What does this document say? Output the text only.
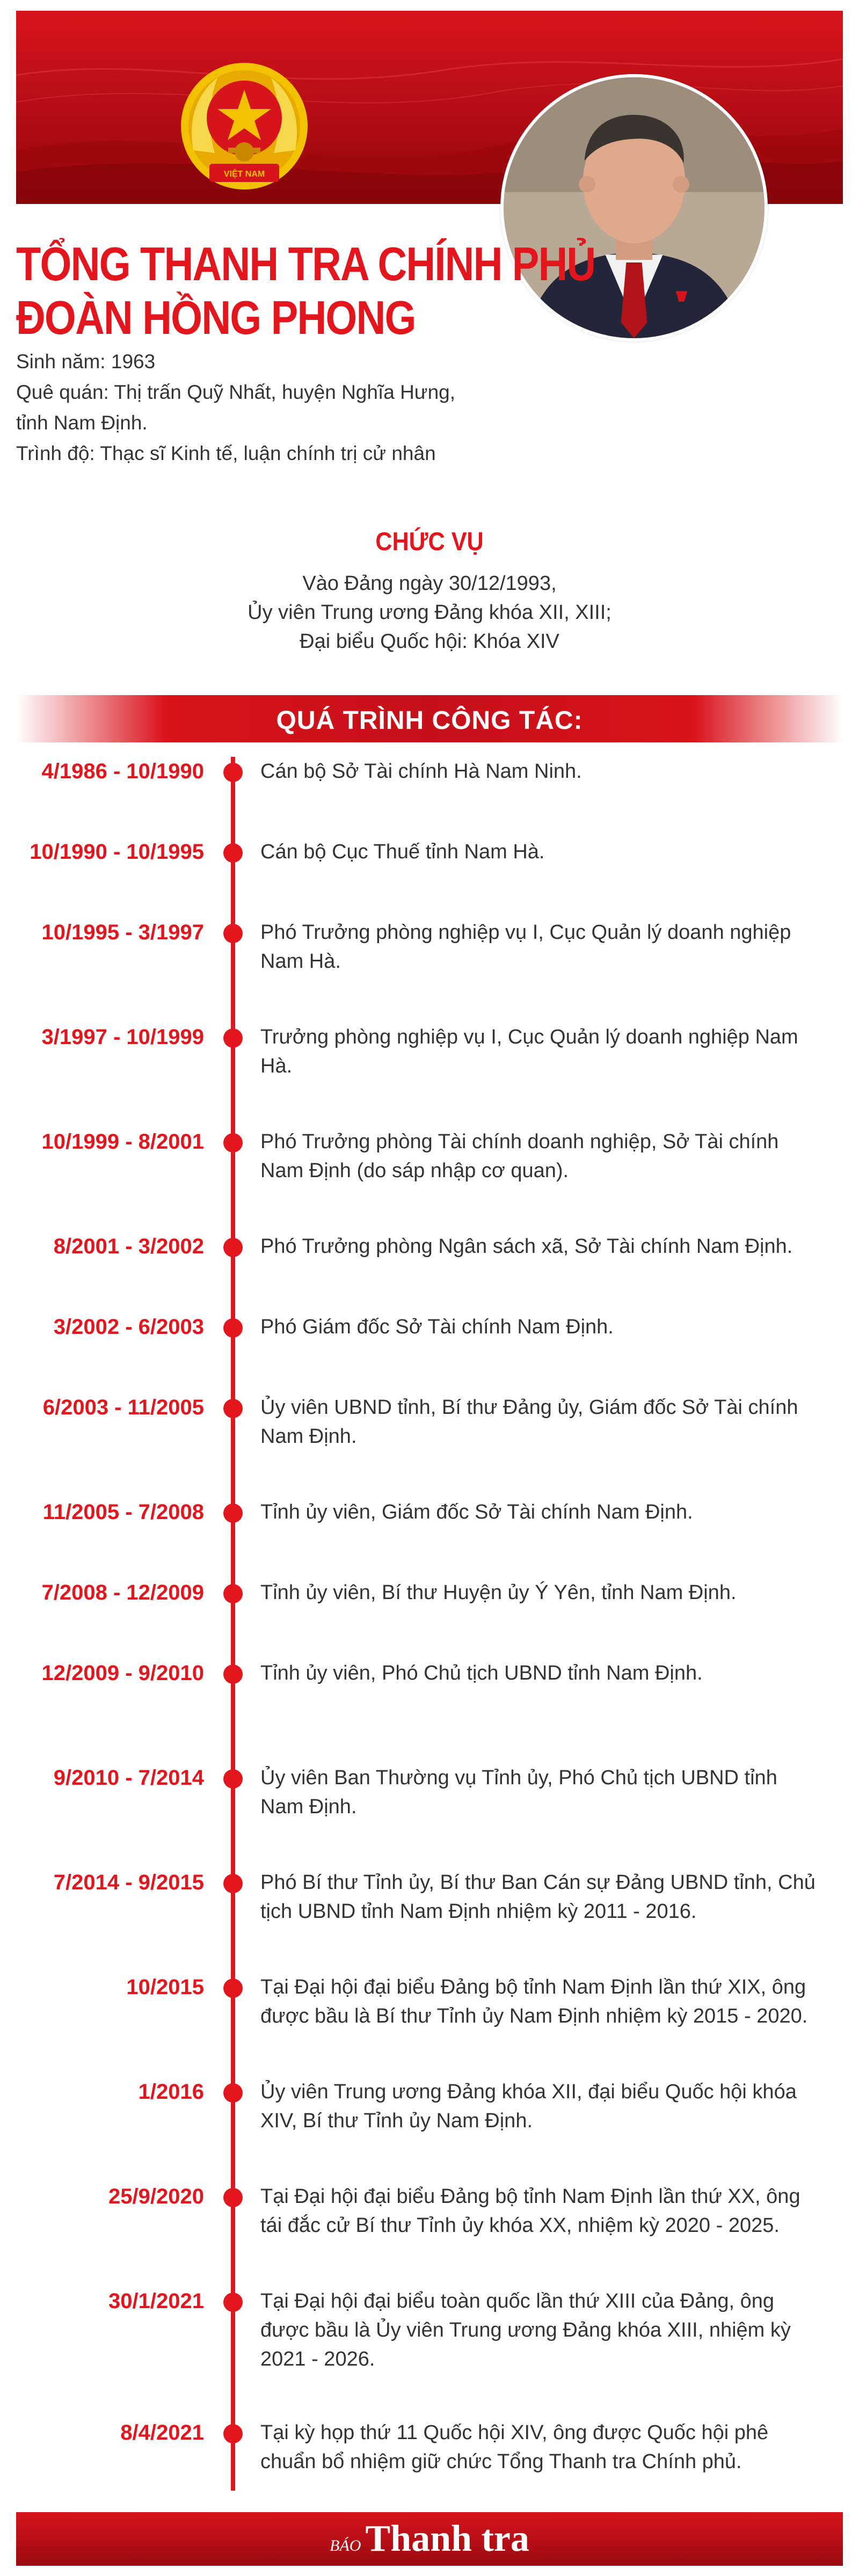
VIỆT NAM
TỔNG THANH TRA CHÍNH PHỦ
ĐOÀN HỒNG PHONG
Sinh năm: 1963
Quê quán: Thị trấn Quỹ Nhất, huyện Nghĩa Hưng,
tỉnh Nam Định.
Trình độ: Thạc sĩ Kinh tế, luận chính trị cử nhân
CHỨC VỤ
Vào Đảng ngày 30/12/1993,
Ủy viên Trung ương Đảng khóa XII, XIII;
Đại biểu Quốc hội: Khóa XIV
QUÁ TRÌNH CÔNG TÁC:
4/1986 - 10/1990	Cán bộ Sở Tài chính Hà Nam Ninh.
10/1990 - 10/1995	Cán bộ Cục Thuế tỉnh Nam Hà.
10/1995 - 3/1997	Phó Trưởng phòng nghiệp vụ I, Cục Quản lý doanh nghiệp
Nam Hà.
3/1997 - 10/1999	Trưởng phòng nghiệp vụ I, Cục Quản lý doanh nghiệp Nam
Hà.
10/1999 - 8/2001	Phó Trưởng phòng Tài chính doanh nghiệp, Sở Tài chính
Nam Định (do sáp nhập cơ quan).
8/2001 - 3/2002	Phó Trưởng phòng Ngân sách xã, Sở Tài chính Nam Định.
3/2002 - 6/2003	Phó Giám đốc Sở Tài chính Nam Định.
6/2003 - 11/2005	Ủy viên UBND tỉnh, Bí thư Đảng ủy, Giám đốc Sở Tài chính
Nam Định.
11/2005 - 7/2008	Tỉnh ủy viên, Giám đốc Sở Tài chính Nam Định.
7/2008 - 12/2009	Tỉnh ủy viên, Bí thư Huyện ủy Ý Yên, tỉnh Nam Định.
12/2009 - 9/2010	Tỉnh ủy viên, Phó Chủ tịch UBND tỉnh Nam Định.
9/2010 - 7/2014	Ủy viên Ban Thường vụ Tỉnh ủy, Phó Chủ tịch UBND tỉnh
Nam Định.
7/2014 - 9/2015	Phó Bí thư Tỉnh ủy, Bí thư Ban Cán sự Đảng UBND tỉnh, Chủ
tịch UBND tỉnh Nam Định nhiệm kỳ 2011 - 2016.
10/2015	Tại Đại hội đại biểu Đảng bộ tỉnh Nam Định lần thứ XIX, ông
được bầu là Bí thư Tỉnh ủy Nam Định nhiệm kỳ 2015 - 2020.
1/2016	Ủy viên Trung ương Đảng khóa XII, đại biểu Quốc hội khóa
XIV, Bí thư Tỉnh ủy Nam Định.
25/9/2020	Tại Đại hội đại biểu Đảng bộ tỉnh Nam Định lần thứ XX, ông
tái đắc cử Bí thư Tỉnh ủy khóa XX, nhiệm kỳ 2020 - 2025.
30/1/2021	Tại Đại hội đại biểu toàn quốc lần thứ XIII của Đảng, ông
được bầu là Ủy viên Trung ương Đảng khóa XIII, nhiệm kỳ
2021 - 2026.
8/4/2021	Tại kỳ họp thứ 11 Quốc hội XIV, ông được Quốc hội phê
chuẩn bổ nhiệm giữ chức Tổng Thanh tra Chính phủ.
BÁO Thanh tra
